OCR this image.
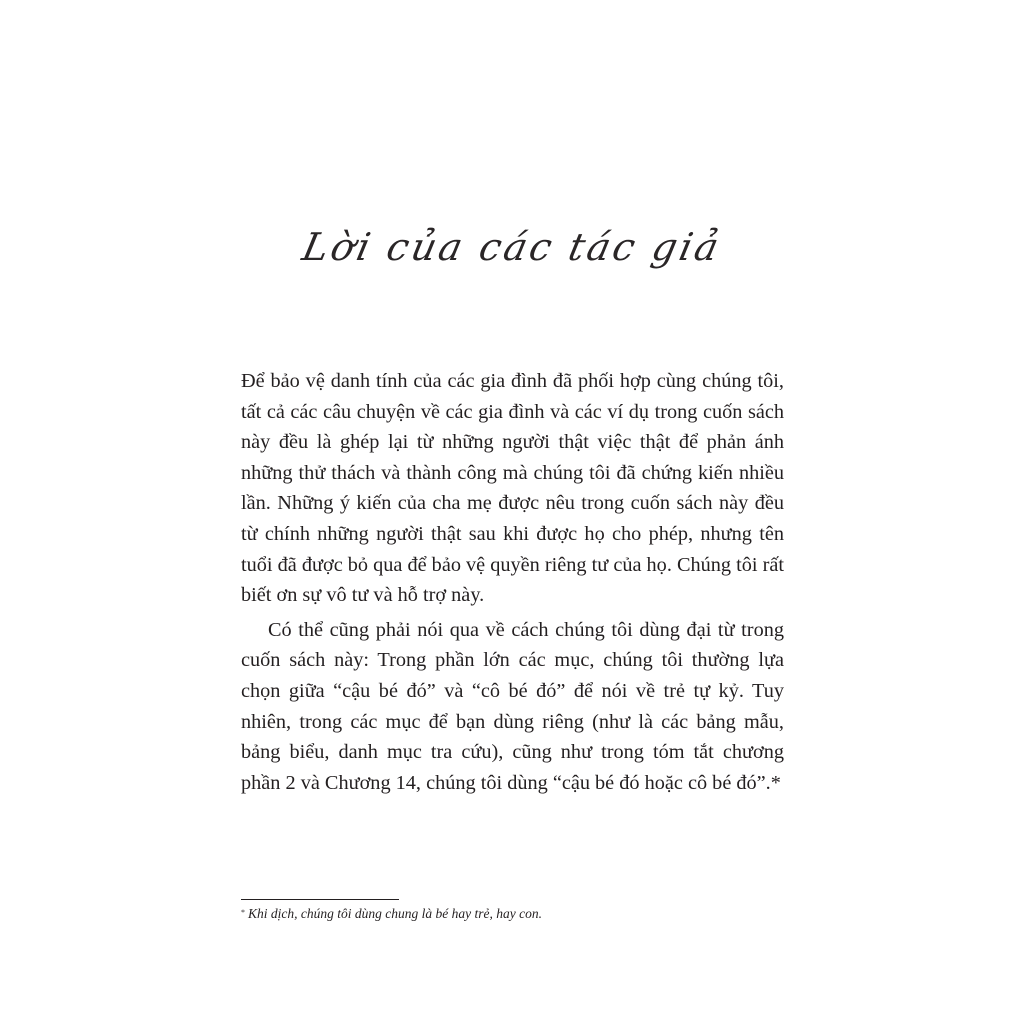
Lời của các tác giả

Để bảo vệ danh tính của các gia đình đã phối hợp cùng chúng tôi, tất cả các câu chuyện về các gia đình và các ví dụ trong cuốn sách này đều là ghép lại từ những người thật việc thật để phản ánh những thử thách và thành công mà chúng tôi đã chứng kiến nhiều lần. Những ý kiến của cha mẹ được nêu trong cuốn sách này đều từ chính những người thật sau khi được họ cho phép, nhưng tên tuổi đã được bỏ qua để bảo vệ quyền riêng tư của họ. Chúng tôi rất biết ơn sự vô tư và hỗ trợ này.

Có thể cũng phải nói qua về cách chúng tôi dùng đại từ trong cuốn sách này: Trong phần lớn các mục, chúng tôi thường lựa chọn giữa “cậu bé đó” và “cô bé đó” để nói về trẻ tự kỷ. Tuy nhiên, trong các mục để bạn dùng riêng (như là các bảng mẫu, bảng biểu, danh mục tra cứu), cũng như trong tóm tắt chương phần 2 và Chương 14, chúng tôi dùng “cậu bé đó hoặc cô bé đó”.*

* Khi dịch, chúng tôi dùng chung là bé hay trẻ, hay con.
